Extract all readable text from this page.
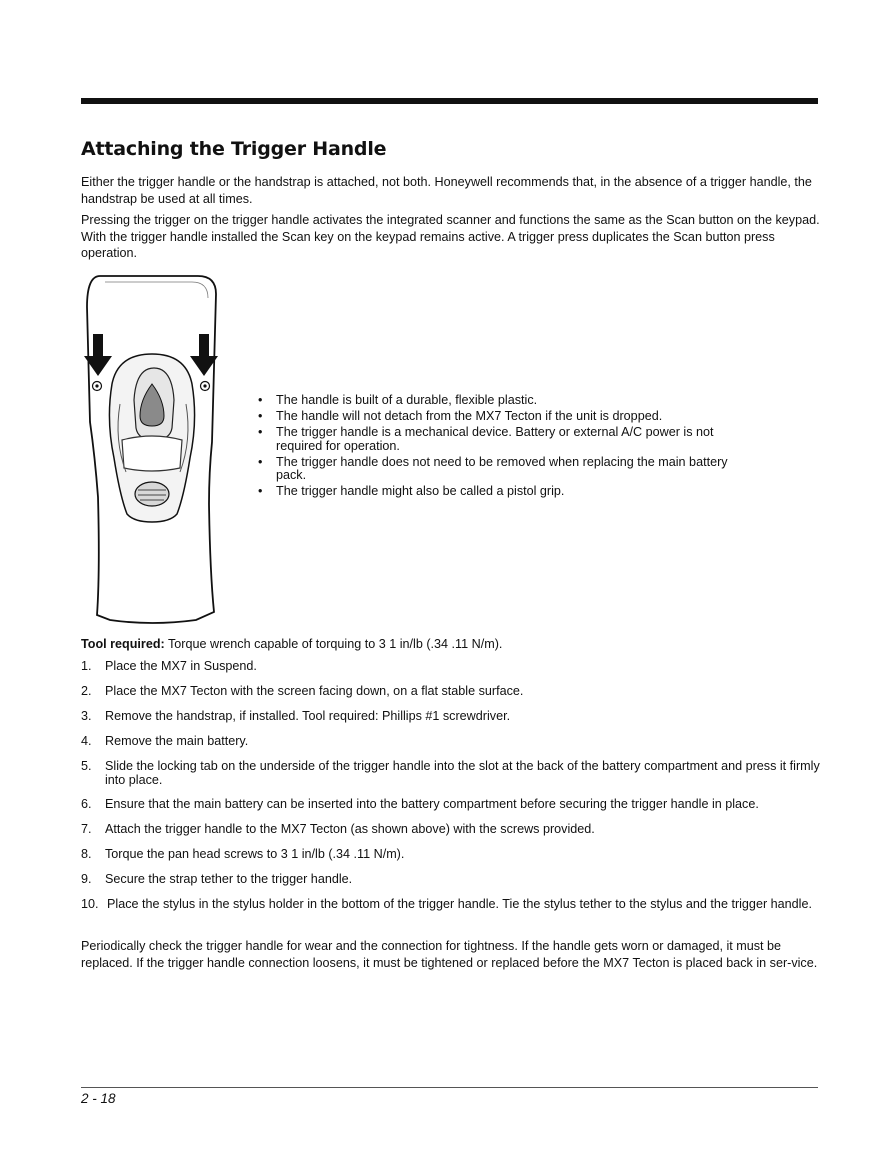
Attaching the Trigger Handle

Either the trigger handle or the handstrap is attached, not both. Honeywell recommends that, in the absence of a trigger handle, the handstrap be used at all times.

Pressing the trigger on the trigger handle activates the integrated scanner and functions the same as the Scan button on the keypad. With the trigger handle installed the Scan key on the keypad remains active. A trigger press duplicates the Scan button press operation.

• The handle is built of a durable, flexible plastic.
• The handle will not detach from the MX7 Tecton if the unit is dropped.
• The trigger handle is a mechanical device. Battery or external A/C power is not required for operation.
• The trigger handle does not need to be removed when replacing the main battery pack.
• The trigger handle might also be called a pistol grip.

Tool required: Torque wrench capable of torquing to 3 1 in/lb (.34 .11 N/m).

1. Place the MX7 in Suspend.
2. Place the MX7 Tecton with the screen facing down, on a flat stable surface.
3. Remove the handstrap, if installed. Tool required: Phillips #1 screwdriver.
4. Remove the main battery.
5. Slide the locking tab on the underside of the trigger handle into the slot at the back of the battery compartment and press it firmly into place.
6. Ensure that the main battery can be inserted into the battery compartment before securing the trigger handle in place.
7. Attach the trigger handle to the MX7 Tecton (as shown above) with the screws provided.
8. Torque the pan head screws to 3 1 in/lb (.34 .11 N/m).
9. Secure the strap tether to the trigger handle.
10. Place the stylus in the stylus holder in the bottom of the trigger handle. Tie the stylus tether to the stylus and the trigger handle.

Periodically check the trigger handle for wear and the connection for tightness. If the handle gets worn or damaged, it must be replaced. If the trigger handle connection loosens, it must be tightened or replaced before the MX7 Tecton is placed back in ser-vice.

2 - 18
